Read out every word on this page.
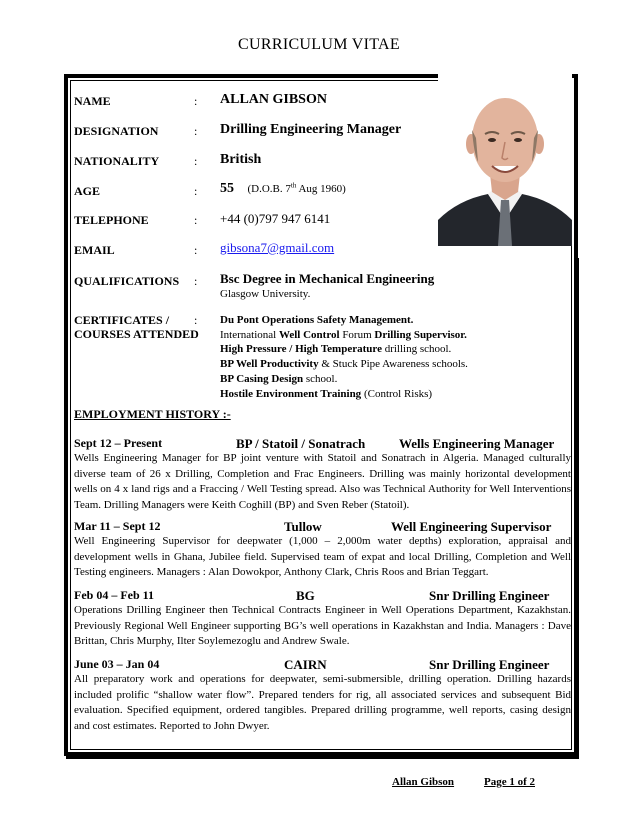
CURRICULUM VITAE
NAME	: ALLAN GIBSON
DESIGNATION	: Drilling Engineering Manager
NATIONALITY	: British
AGE	: 55 (D.O.B. 7th Aug 1960)
TELEPHONE	: +44 (0)797 947 6141
EMAIL	: gibsona7@gmail.com
QUALIFICATIONS : Bsc Degree in Mechanical Engineering
Glasgow University.
CERTIFICATES /
COURSES ATTENDED
: Du Pont Operations Safety Management.
International Well Control Forum Drilling Supervisor.
High Pressure / High Temperature drilling school.
BP Well Productivity & Stuck Pipe Awareness schools.
BP Casing Design school.
Hostile Environment Training (Control Risks)
EMPLOYMENT HISTORY :-
Sept 12 – Present	BP / Statoil / Sonatrach	Wells Engineering Manager
Wells Engineering Manager for BP joint venture with Statoil and Sonatrach in Algeria. Managed culturally diverse team of 26 x Drilling, Completion and Frac Engineers. Drilling was mainly horizontal development wells on 4 x land rigs and a Fraccing / Well Testing spread. Also was Technical Authority for Well Interventions Team. Drilling Managers were Keith Coghill (BP) and Sven Reber (Statoil).
Mar 11 – Sept 12	Tullow	Well Engineering Supervisor
Well Engineering Supervisor for deepwater (1,000 – 2,000m water depths) exploration, appraisal and development wells in Ghana, Jubilee field. Supervised team of expat and local Drilling, Completion and Well Testing engineers. Managers : Alan Dowokpor, Anthony Clark, Chris Roos and Brian Teggart.
Feb 04 – Feb 11	BG	Snr Drilling Engineer
Operations Drilling Engineer then Technical Contracts Engineer in Well Operations Department, Kazakhstan. Previously Regional Well Engineer supporting BG’s well operations in Kazakhstan and India. Managers : Dave Brittan, Chris Murphy, Ilter Soylemezoglu and Andrew Swale.
June 03 – Jan 04	CAIRN	Snr Drilling Engineer
All preparatory work and operations for deepwater, semi-submersible, drilling operation. Drilling hazards included prolific “shallow water flow”. Prepared tenders for rig, all associated services and subsequent Bid evaluation. Specified equipment, ordered tangibles. Prepared drilling programme, well reports, casing design and cost estimates. Reported to John Dwyer.
Allan Gibson	Page 1 of 2
